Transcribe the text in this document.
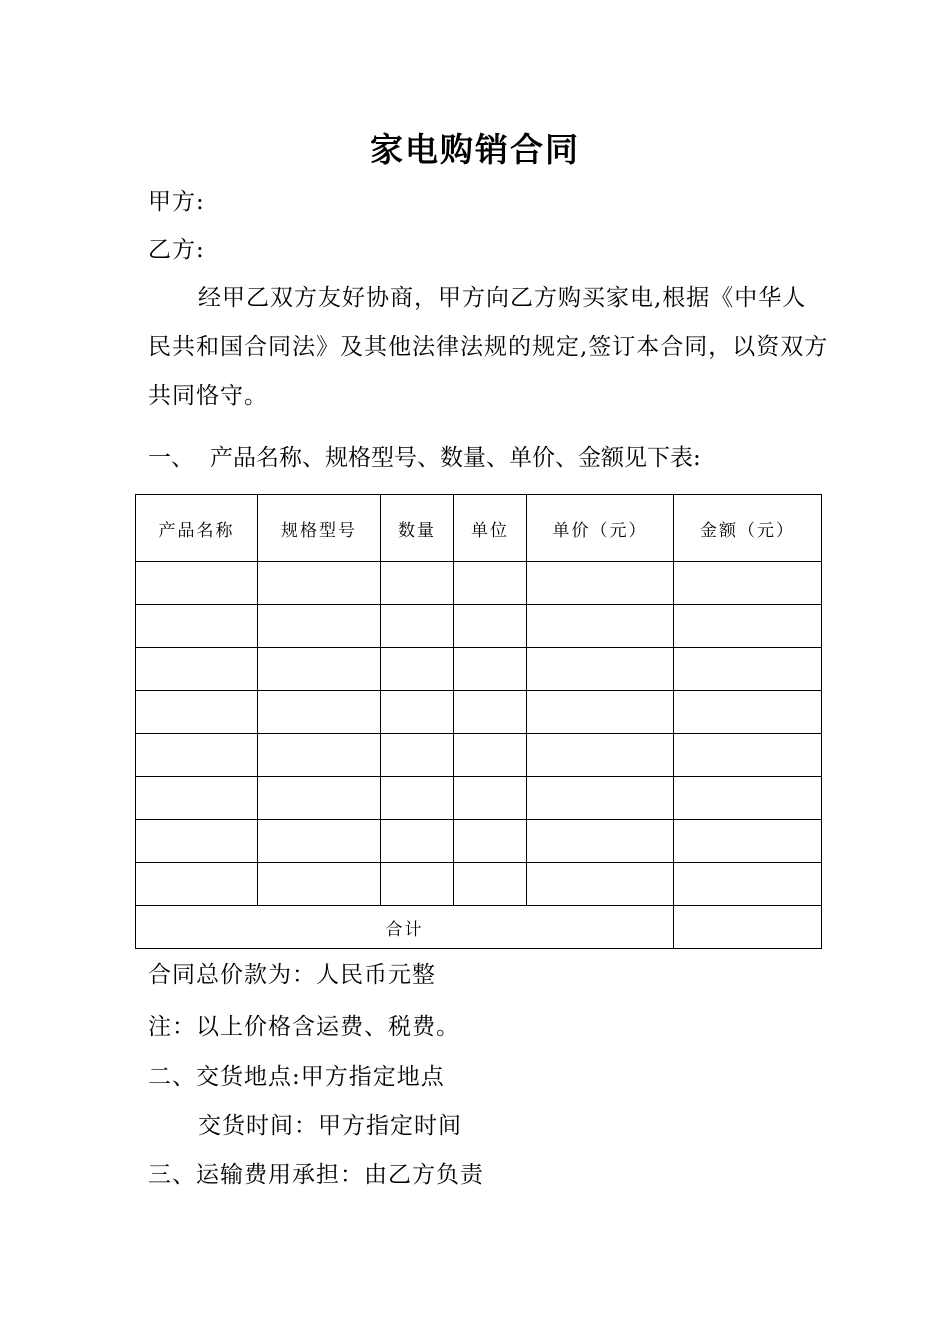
家电购销合同
甲方:
乙方:
经甲乙双方友好协商，甲方向乙方购买家电,根据《中华人民共和国合同法》及其他法律法规的规定,签订本合同，以资双方共同恪守。
一、 产品名称、规格型号、数量、单价、金额见下表:
产品名称	规格型号	数量	单位	单价（元）	金额（元）

合计					
合同总价款为：人民币元整
注：以上价格含运费、税费。
二、交货地点:甲方指定地点
交货时间：甲方指定时间
三、运输费用承担：由乙方负责
